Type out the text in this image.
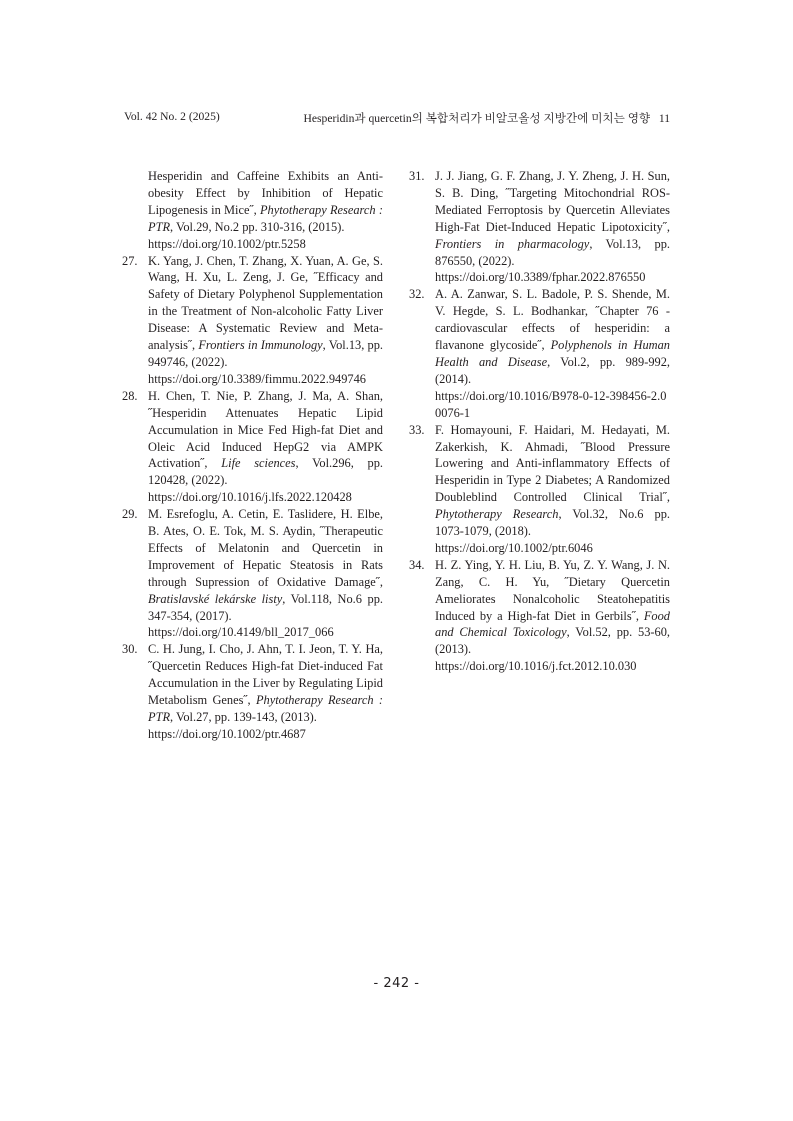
Vol. 42 No. 2 (2025)	Hesperidin과 quercetin의 복합처리가 비알코올성 지방간에 미치는 영향 11
Hesperidin and Caffeine Exhibits an Anti-obesity Effect by Inhibition of Hepatic Lipogenesis in Mice˝, Phytotherapy Research : PTR, Vol.29, No.2 pp. 310-316, (2015).
https://doi.org/10.1002/ptr.5258
27. K. Yang, J. Chen, T. Zhang, X. Yuan, A. Ge, S. Wang, H. Xu, L. Zeng, J. Ge, ˝Efficacy and Safety of Dietary Polyphenol Supplementation in the Treatment of Non-alcoholic Fatty Liver Disease: A Systematic Review and Meta-analysis˝, Frontiers in Immunology, Vol.13, pp. 949746, (2022).
https://doi.org/10.3389/fimmu.2022.949746
28. H. Chen, T. Nie, P. Zhang, J. Ma, A. Shan, ˝Hesperidin Attenuates Hepatic Lipid Accumulation in Mice Fed High-fat Diet and Oleic Acid Induced HepG2 via AMPK Activation˝, Life sciences, Vol.296, pp. 120428, (2022).
https://doi.org/10.1016/j.lfs.2022.120428
29. M. Esrefoglu, A. Cetin, E. Taslidere, H. Elbe, B. Ates, O. E. Tok, M. S. Aydin, ˝Therapeutic Effects of Melatonin and Quercetin in Improvement of Hepatic Steatosis in Rats through Supression of Oxidative Damage˝, Bratislavské lekárske listy, Vol.118, No.6 pp. 347-354, (2017).
https://doi.org/10.4149/bll_2017_066
30. C. H. Jung, I. Cho, J. Ahn, T. I. Jeon, T. Y. Ha, ˝Quercetin Reduces High-fat Diet-induced Fat Accumulation in the Liver by Regulating Lipid Metabolism Genes˝, Phytotherapy Research : PTR, Vol.27, pp. 139-143, (2013).
https://doi.org/10.1002/ptr.4687
31. J. J. Jiang, G. F. Zhang, J. Y. Zheng, J. H. Sun, S. B. Ding, ˝Targeting Mitochondrial ROS-Mediated Ferroptosis by Quercetin Alleviates High-Fat Diet-Induced Hepatic Lipotoxicity˝, Frontiers in pharmacology, Vol.13, pp. 876550, (2022).
https://doi.org/10.3389/fphar.2022.876550
32. A. A. Zanwar, S. L. Badole, P. S. Shende, M. V. Hegde, S. L. Bodhankar, ˝Chapter 76 - cardiovascular effects of hesperidin: a flavanone glycoside˝, Polyphenols in Human Health and Disease, Vol.2, pp. 989-992, (2014).
https://doi.org/10.1016/B978-0-12-398456-2.00076-1
33. F. Homayouni, F. Haidari, M. Hedayati, M. Zakerkish, K. Ahmadi, ˝Blood Pressure Lowering and Anti-inflammatory Effects of Hesperidin in Type 2 Diabetes; A Randomized Doubleblind Controlled Clinical Trial˝, Phytotherapy Research, Vol.32, No.6 pp. 1073-1079, (2018).
https://doi.org/10.1002/ptr.6046
34. H. Z. Ying, Y. H. Liu, B. Yu, Z. Y. Wang, J. N. Zang, C. H. Yu, ˝Dietary Quercetin Ameliorates Nonalcoholic Steatohepatitis Induced by a High-fat Diet in Gerbils˝, Food and Chemical Toxicology, Vol.52, pp. 53-60, (2013).
https://doi.org/10.1016/j.fct.2012.10.030
- 242 -
